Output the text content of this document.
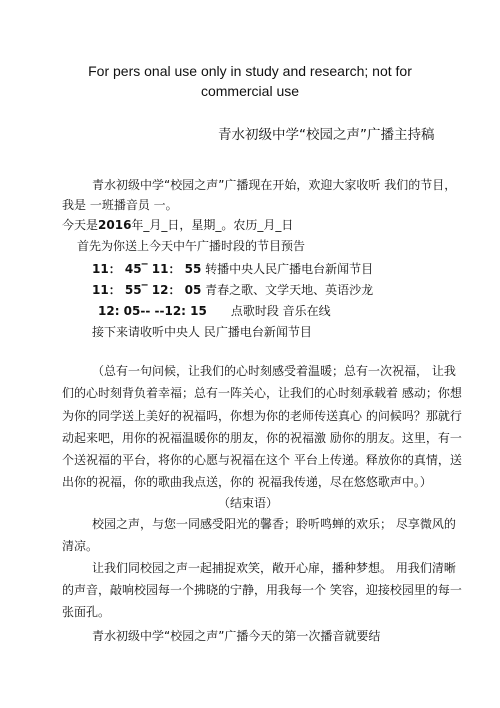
For pers onal use only in study and research; not for

commercial use

青水初级中学“校园之声”广播主持稿

青水初级中学“校园之声”广播现在开始，欢迎大家收听 我们的节目，

我是 一班播音员 一。

今天是2016年_月_日，星期_。农历_月_日

首先为你送上今天中午广播时段的节目预告

11： 45‾ 11： 55 转播中央人民广播电台新闻节目

11： 55‾ 12： 05 青春之歌、文学天地、英语沙龙

12: 05-- --12: 15 点歌时段 音乐在线

接下来请收听中央人 民广播电台新闻节目

（总有一句问候，让我们的心时刻感受着温暖；总有一次祝福， 让我

们的心时刻背负着幸福；总有一阵关心，让我们的心时刻承载着 感动；你想

为你的同学送上美好的祝福吗，你想为你的老师传送真心 的问候吗？那就行

动起来吧，用你的祝福温暖你的朋友，你的祝福激 励你的朋友。这里，有一

个送祝福的平台，将你的心愿与祝福在这个 平台上传递。释放你的真情，送

出你的祝福，你的歌曲我点送，你的 祝福我传递，尽在悠悠歌声中。）

（结束语）

校园之声，与您一同感受阳光的馨香；聆听鸣蝉的欢乐； 尽享微风的

清凉。

让我们同校园之声一起捕捉欢笑，敞开心扉，播种梦想。 用我们清晰

的声音，敲响校园每一个拂晓的宁静，用我每一个 笑容，迎接校园里的每一

张面孔。

青水初级中学“校园之声”广播今天的第一次播音就要结
